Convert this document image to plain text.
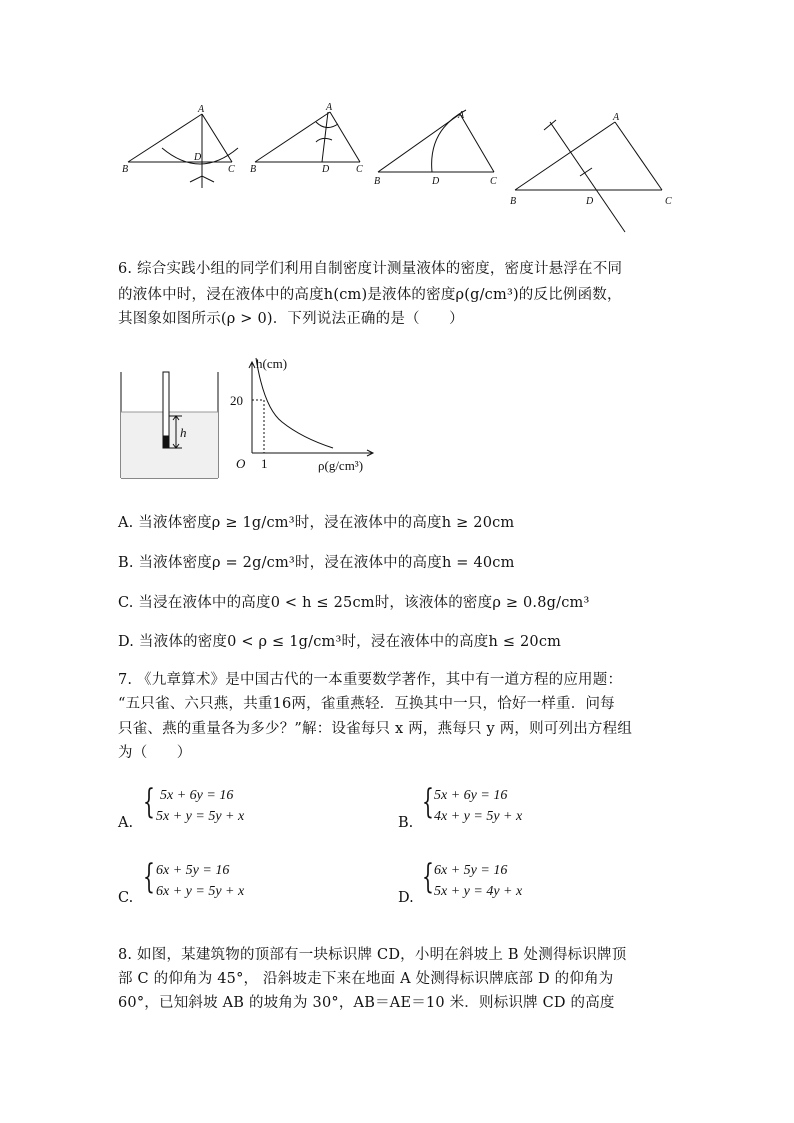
A
B	C
D
A
B	C
D
A
B	C
D
A
B	C
D
6. 综合实践小组的同学们利用自制密度计测量液体的密度，密度计悬浮在不同
的液体中时，浸在液体中的高度h(cm)是液体的密度ρ(g/cm³)的反比例函数，
其图象如图所示(ρ > 0)．下列说法正确的是（　　）
h
h(cm)
20
1
O	ρ(g/cm³)
A. 当液体密度ρ ≥ 1g/cm³时，浸在液体中的高度h ≥ 20cm
B. 当液体密度ρ = 2g/cm³时，浸在液体中的高度h = 40cm
C. 当浸在液体中的高度0 < h ≤ 25cm时，该液体的密度ρ ≥ 0.8g/cm³
D. 当液体的密度0 < ρ ≤ 1g/cm³时，浸在液体中的高度h ≤ 20cm
7. 《九章算术》是中国古代的一本重要数学著作，其中有一道方程的应用题：
“五只雀、六只燕，共重16两，雀重燕轻．互换其中一只，恰好一样重．问每
只雀、燕的重量各为多少？”解：设雀每只 x 两，燕每只 y 两，则可列出方程组
为（　　）
A.
{ 5x + 6y = 16
5x + y = 5y + x	B.
{ 5x + 6y = 16
4x + y = 5y + x
C.
{ 6x + 5y = 16
6x + y = 5y + x	D.
{ 6x + 5y = 16
5x + y = 4y + x
8. 如图，某建筑物的顶部有一块标识牌 CD，小明在斜坡上 B 处测得标识牌顶
部 C 的仰角为 45°， 沿斜坡走下来在地面 A 处测得标识牌底部 D 的仰角为
60°，已知斜坡 AB 的坡角为 30°，AB＝AE＝10 米．则标识牌 CD 的高度
